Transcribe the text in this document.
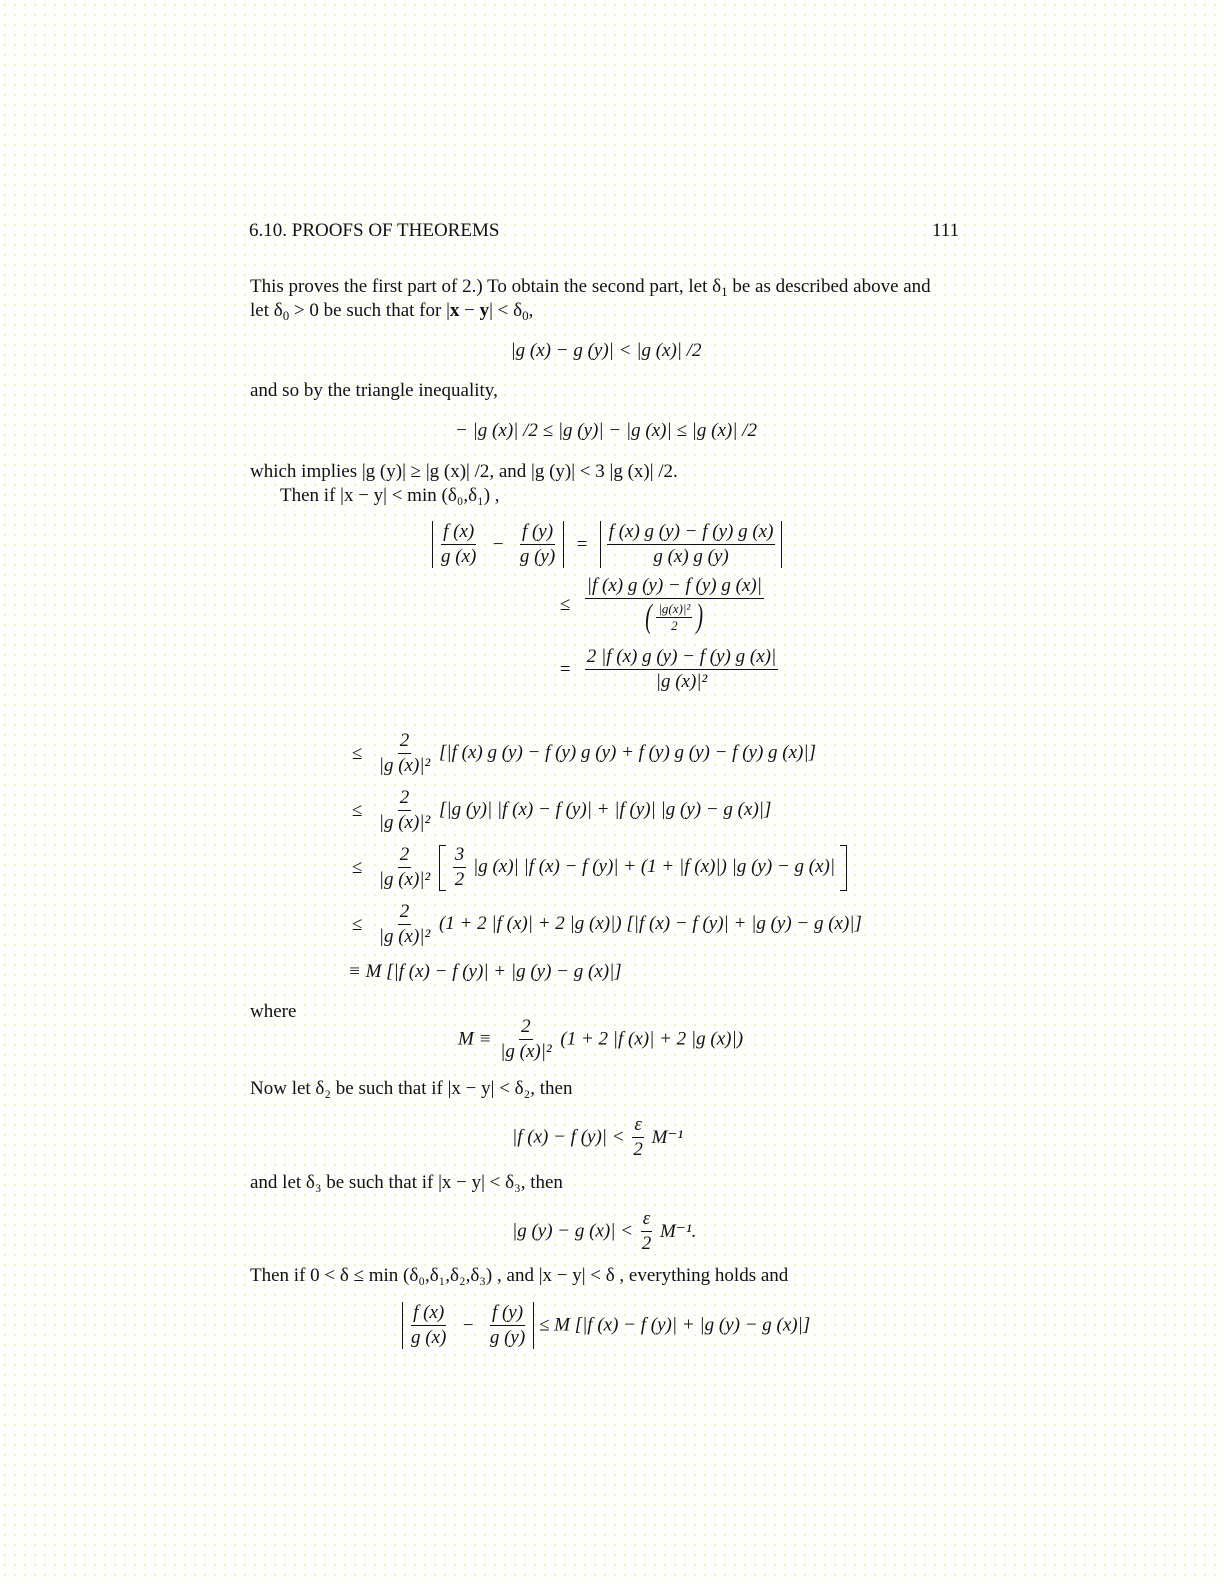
6.10. PROOFS OF THEOREMS	111
This proves the first part of 2.) To obtain the second part, let $\delta_1$ be as described above and
let $\delta_0 > 0$ be such that for $|x - y| < \delta_0$,
|g (x) − g (y)| < |g (x)| /2
and so by the triangle inequality,
− |g (x)| /2 ≤ |g (y)| − |g (x)| ≤ |g (x)| /2
which implies |g (y)| ≥ |g (x)| /2, and |g (y)| < 3 |g (x)| /2.
Then if |x − y| < min (δ₀,δ₁) ,
$\frac{f (x)}{g (x)} - \frac{f (y)}{g (y)} = \frac{f (x) g (y) - f (y) g (x)}{g (x) g (y)}$
≤ $\frac{|f (x) g (y) - f (y) g (x)|}{( \frac{\text{|g(x)|²}}{2} )}$
= $\frac{2 |f (x) g (y) - f (y) g (x)|}{\text{|g (x)|²}}$
≤ $\frac{2}{\text{|g (x)|²}} [|f$ (x) g (y) − f (y) g (y) + f (y) g (y) − f (y) g (x)|]
≤ $\frac{2}{\text{|g (x)|²}} [|g$ (y)| |f (x) − f (y)| + |f (y)| |g (y) − g (x)|]
≤ $\frac{2}{\text{|g (x)|²}}$
$\frac{3}{2} |g$ (x)| |f (x) − f (y)| + (1 + |f (x)|) |g (y) − g (x)|
≤ $\frac{2}{\text{|g (x)|²}} (1 + 2$ |f (x)| + 2 |g (x)|) [|f (x) − f (y)| + |g (y) − g (x)|]
≡ M [|f (x) − f (y)| + |g (y) − g (x)|]
where
$M \equiv \frac{2}{\text{|g (x)|²}} (1 + 2$ |f (x)| + 2 |g (x)|)
Now let δ₂ be such that if |x − y| < δ₂, then
|f (x) − f $(y)| < \frac{\varepsilon}{2} M^{-1}$
and let δ₃ be such that if |x − y| < δ₃, then
|g (y) − g $(x)| < \frac{\varepsilon}{2} M^{-1}$.
Then if 0 < δ ≤ min (δ₀,δ₁,δ₂,δ₃) , and |x − y| < δ , everything holds and
$\frac{f (x)}{g (x)} - \frac{f (y)}{g (y)} \le M$ [|f (x) − f (y)| + |g (y) − g (x)|]
